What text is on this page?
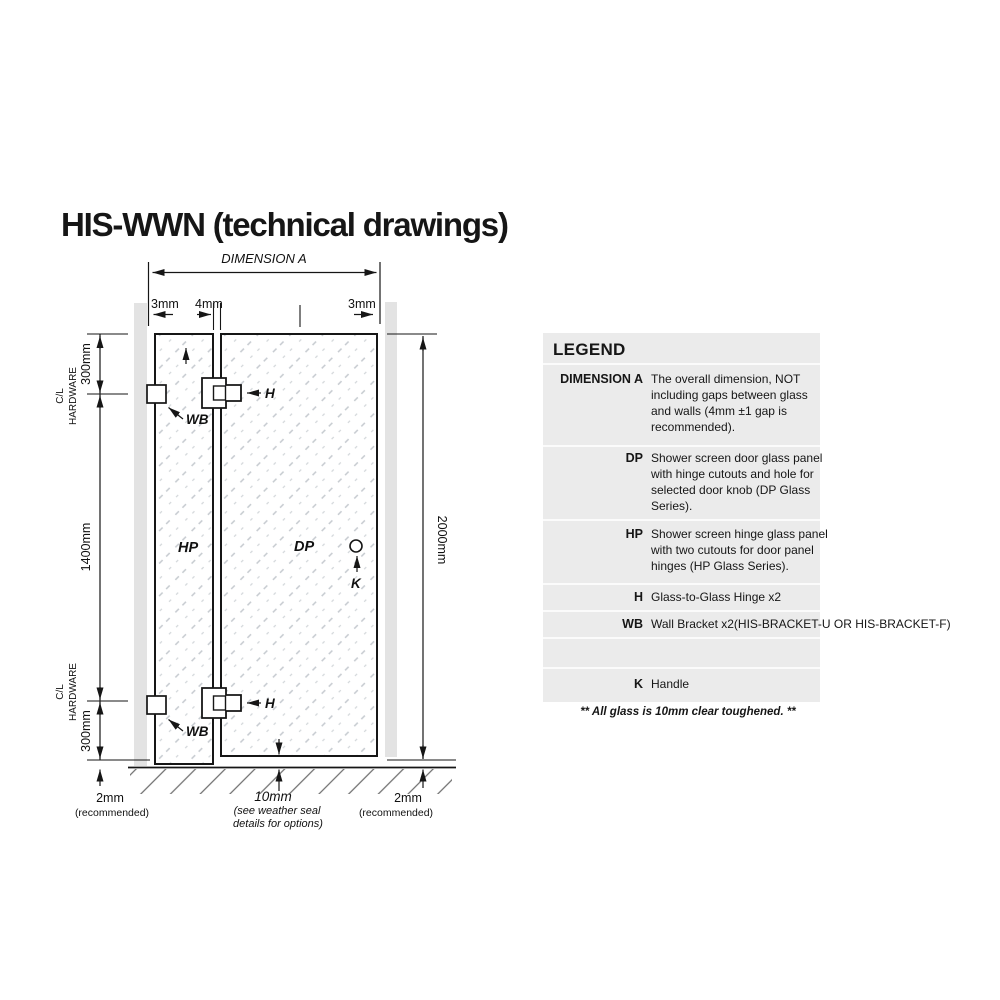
HIS-WWN (technical drawings)
DIMENSION A
3mm 4mm	3mm
300mm
C/L HARDWARE
1400mm
C/L HARDWARE
300mm
2000mm
2mm
(recommended)
10mm
(see weather seal
details for options)
2mm
(recommended)
H
WB
H
WB
HP	DP
K
LEGEND
DIMENSION A The overall dimension, NOT including gaps between glass and walls (4mm ±1 gap is recommended).
DP Shower screen door glass panel with hinge cutouts and hole for selected door knob (DP Glass Series).
HP Shower screen hinge glass panel with two cutouts for door panel hinges (HP Glass Series).
H Glass-to-Glass Hinge x2
WB Wall Bracket x2(HIS-BRACKET-U OR HIS-BRACKET-F)
K Handle
** All glass is 10mm clear toughened. **
